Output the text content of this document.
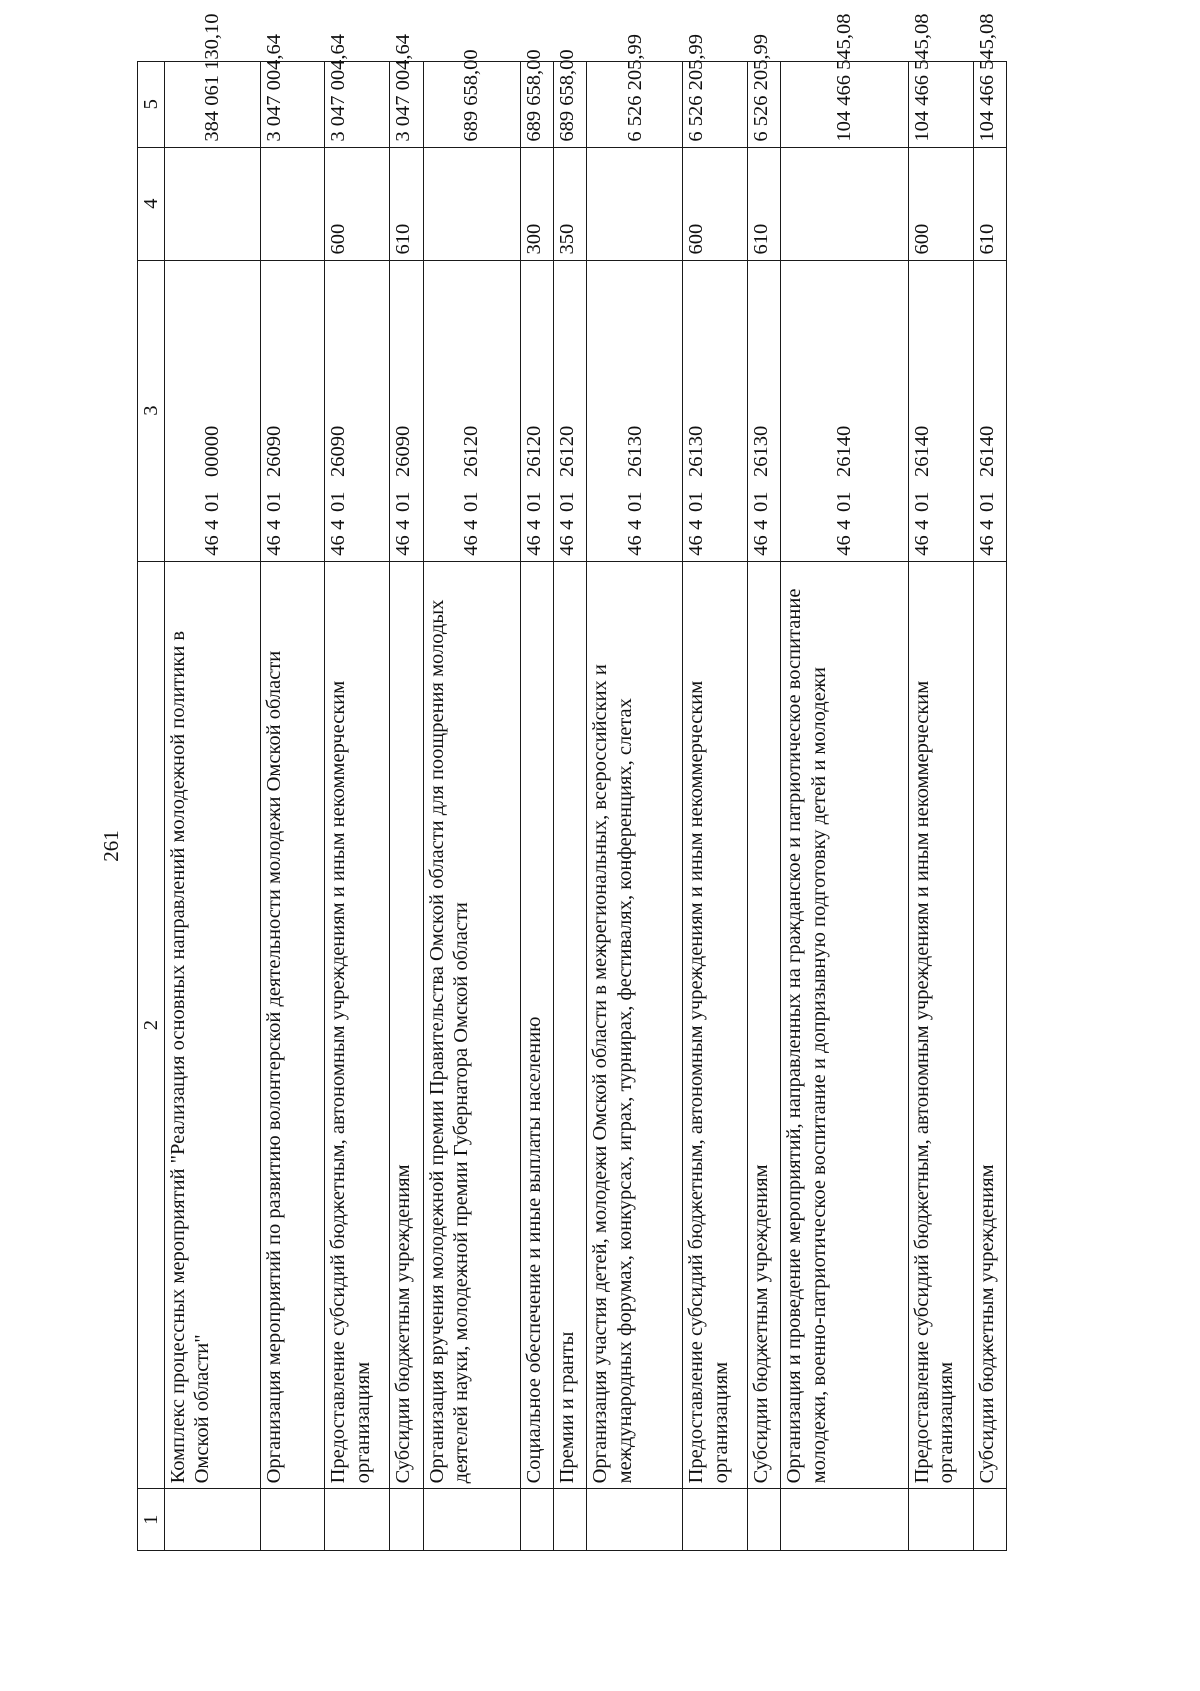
261
1	2	3	4	5
	Комплекс процессных мероприятий "Реализация основных направлений молодежной политики в Омской области"	4640100000		384 061 130,10
	Организация мероприятий по развитию волонтерской деятельности молодежи Омской области	4640126090		3 047 004,64
	Предоставление субсидий бюджетным, автономным учреждениям и иным некоммерческим организациям	4640126090	600	3 047 004,64
	Субсидии бюджетным учреждениям	4640126090	610	3 047 004,64
	Организация вручения молодежной премии Правительства Омской области для поощрения молодых деятелей науки, молодежной премии Губернатора Омской области	4640126120		689 658,00
	Социальное обеспечение и иные выплаты населению	4640126120	300	689 658,00
	Премии и гранты	4640126120	350	689 658,00
	Организация участия детей, молодежи Омской области в межрегиональных, всероссийских и международных форумах, конкурсах, играх, турнирах, фестивалях, конференциях, слетах	4640126130		6 526 205,99
	Предоставление субсидий бюджетным, автономным учреждениям и иным некоммерческим организациям	4640126130	600	6 526 205,99
	Субсидии бюджетным учреждениям	4640126130	610	6 526 205,99
	Организация и проведение мероприятий, направленных на гражданское и патриотическое воспитание молодежи, военно-патриотическое воспитание и допризывную подготовку детей и молодежи	4640126140		104 466 545,08
	Предоставление субсидий бюджетным, автономным учреждениям и иным некоммерческим организациям	4640126140	600	104 466 545,08
	Субсидии бюджетным учреждениям	4640126140	610	104 466 545,08
